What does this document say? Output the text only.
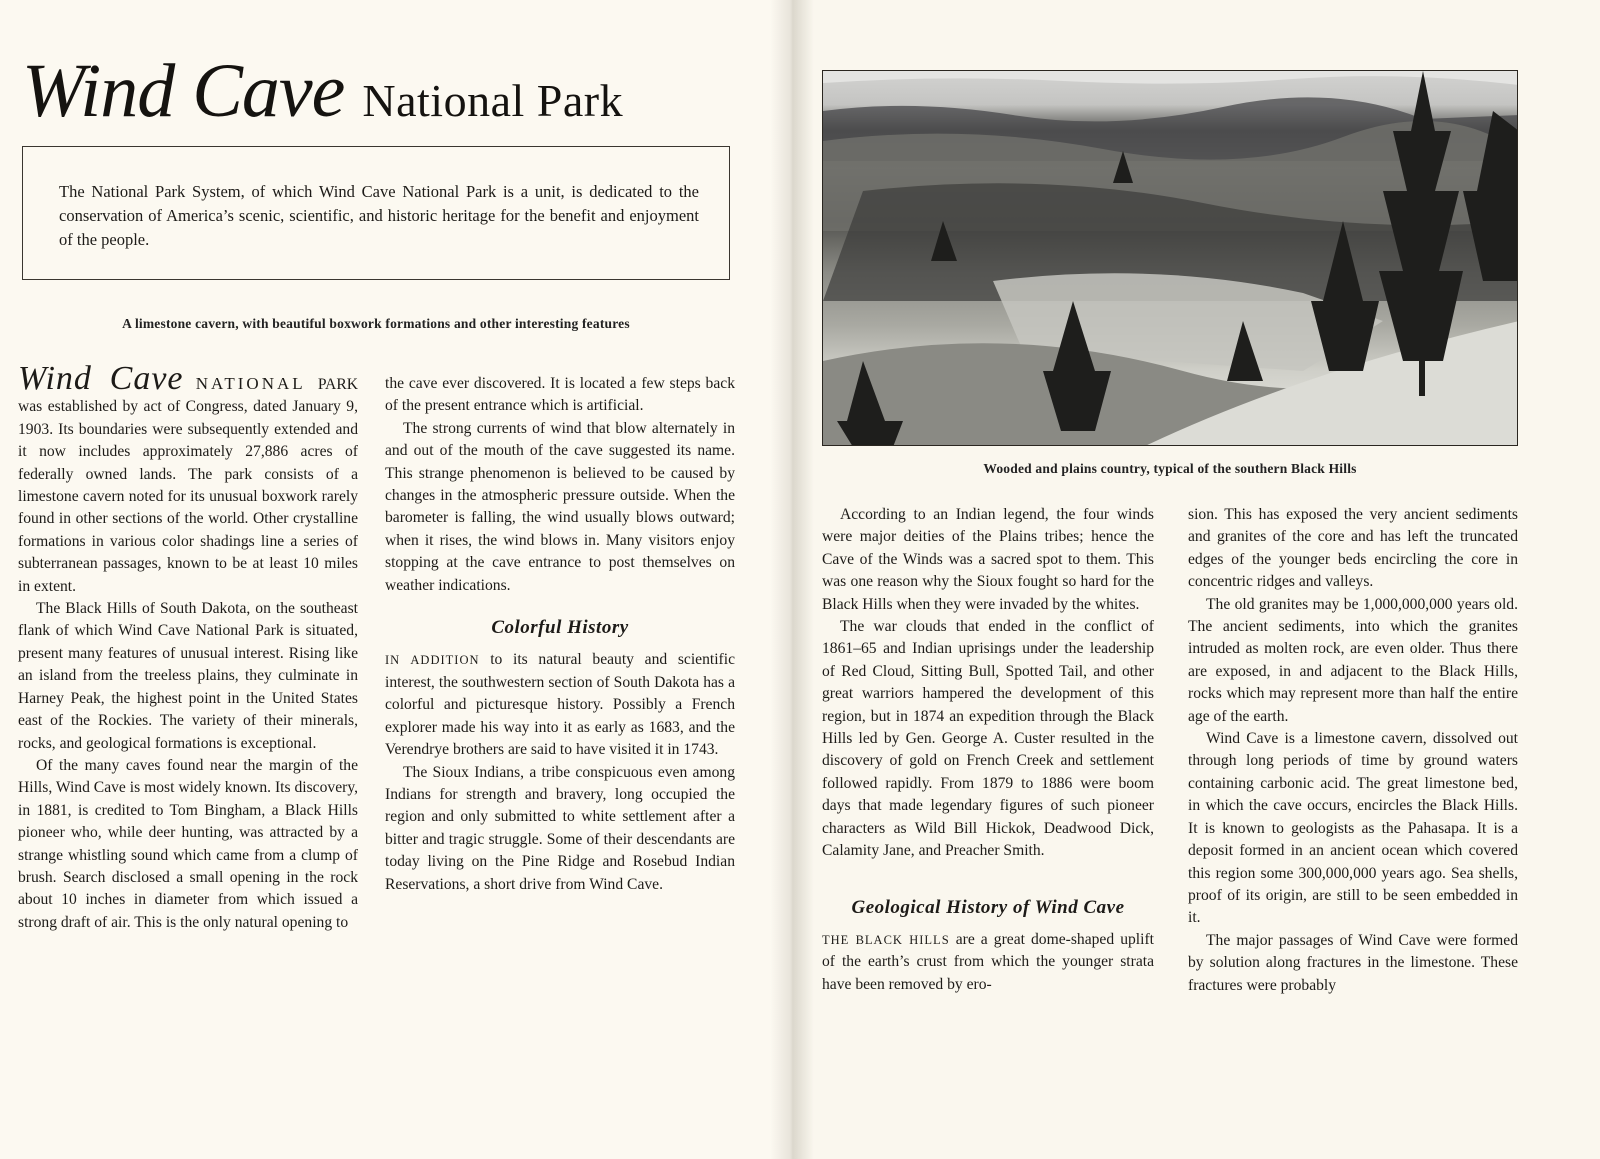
Wind Cave National Park
The National Park System, of which Wind Cave National Park is a unit, is dedicated to the conservation of America’s scenic, scientific, and historic heritage for the benefit and enjoyment of the people.
A limestone cavern, with beautiful boxwork formations and other interesting features

Wind Cave NATIONAL PARK was established by act of Congress, dated January 9, 1903. Its boundaries were subsequently extended and it now includes approximately 27,886 acres of federally owned lands. The park consists of a limestone cavern noted for its unusual boxwork rarely found in other sections of the world. Other crystalline formations in various color shadings line a series of subterranean passages, known to be at least 10 miles in extent.

The Black Hills of South Dakota, on the southeast flank of which Wind Cave National Park is situated, present many features of unusual interest. Rising like an island from the treeless plains, they culminate in Harney Peak, the highest point in the United States east of the Rockies. The variety of their minerals, rocks, and geological formations is exceptional.

Of the many caves found near the margin of the Hills, Wind Cave is most widely known. Its discovery, in 1881, is credited to Tom Bingham, a Black Hills pioneer who, while deer hunting, was attracted by a strange whistling sound which came from a clump of brush. Search disclosed a small opening in the rock about 10 inches in diameter from which issued a strong draft of air. This is the only natural opening to

the cave ever discovered. It is located a few steps back of the present entrance which is artificial.

The strong currents of wind that blow alternately in and out of the mouth of the cave suggested its name. This strange phenomenon is believed to be caused by changes in the atmospheric pressure outside. When the barometer is falling, the wind usually blows outward; when it rises, the wind blows in. Many visitors enjoy stopping at the cave entrance to post themselves on weather indications.

Colorful History

IN ADDITION to its natural beauty and scientific interest, the southwestern section of South Dakota has a colorful and picturesque history. Possibly a French explorer made his way into it as early as 1683, and the Verendrye brothers are said to have visited it in 1743.

The Sioux Indians, a tribe conspicuous even among Indians for strength and bravery, long occupied the region and only submitted to white settlement after a bitter and tragic struggle. Some of their descendants are today living on the Pine Ridge and Rosebud Indian Reservations, a short drive from Wind Cave.

Wooded and plains country, typical of the southern Black Hills

According to an Indian legend, the four winds were major deities of the Plains tribes; hence the Cave of the Winds was a sacred spot to them. This was one reason why the Sioux fought so hard for the Black Hills when they were invaded by the whites.

The war clouds that ended in the conflict of 1861–65 and Indian uprisings under the leadership of Red Cloud, Sitting Bull, Spotted Tail, and other great warriors hampered the development of this region, but in 1874 an expedition through the Black Hills led by Gen. George A. Custer resulted in the discovery of gold on French Creek and settlement followed rapidly. From 1879 to 1886 were boom days that made legendary figures of such pioneer characters as Wild Bill Hickok, Deadwood Dick, Calamity Jane, and Preacher Smith.

Geological History of Wind Cave

THE BLACK HILLS are a great dome-shaped uplift of the earth’s crust from which the younger strata have been removed by ero-

sion. This has exposed the very ancient sediments and granites of the core and has left the truncated edges of the younger beds encircling the core in concentric ridges and valleys.

The old granites may be 1,000,000,000 years old. The ancient sediments, into which the granites intruded as molten rock, are even older. Thus there are exposed, in and adjacent to the Black Hills, rocks which may represent more than half the entire age of the earth.

Wind Cave is a limestone cavern, dissolved out through long periods of time by ground waters containing carbonic acid. The great limestone bed, in which the cave occurs, encircles the Black Hills. It is known to geologists as the Pahasapa. It is a deposit formed in an ancient ocean which covered this region some 300,000,000 years ago. Sea shells, proof of its origin, are still to be seen embedded in it.

The major passages of Wind Cave were formed by solution along fractures in the limestone. These fractures were probably
